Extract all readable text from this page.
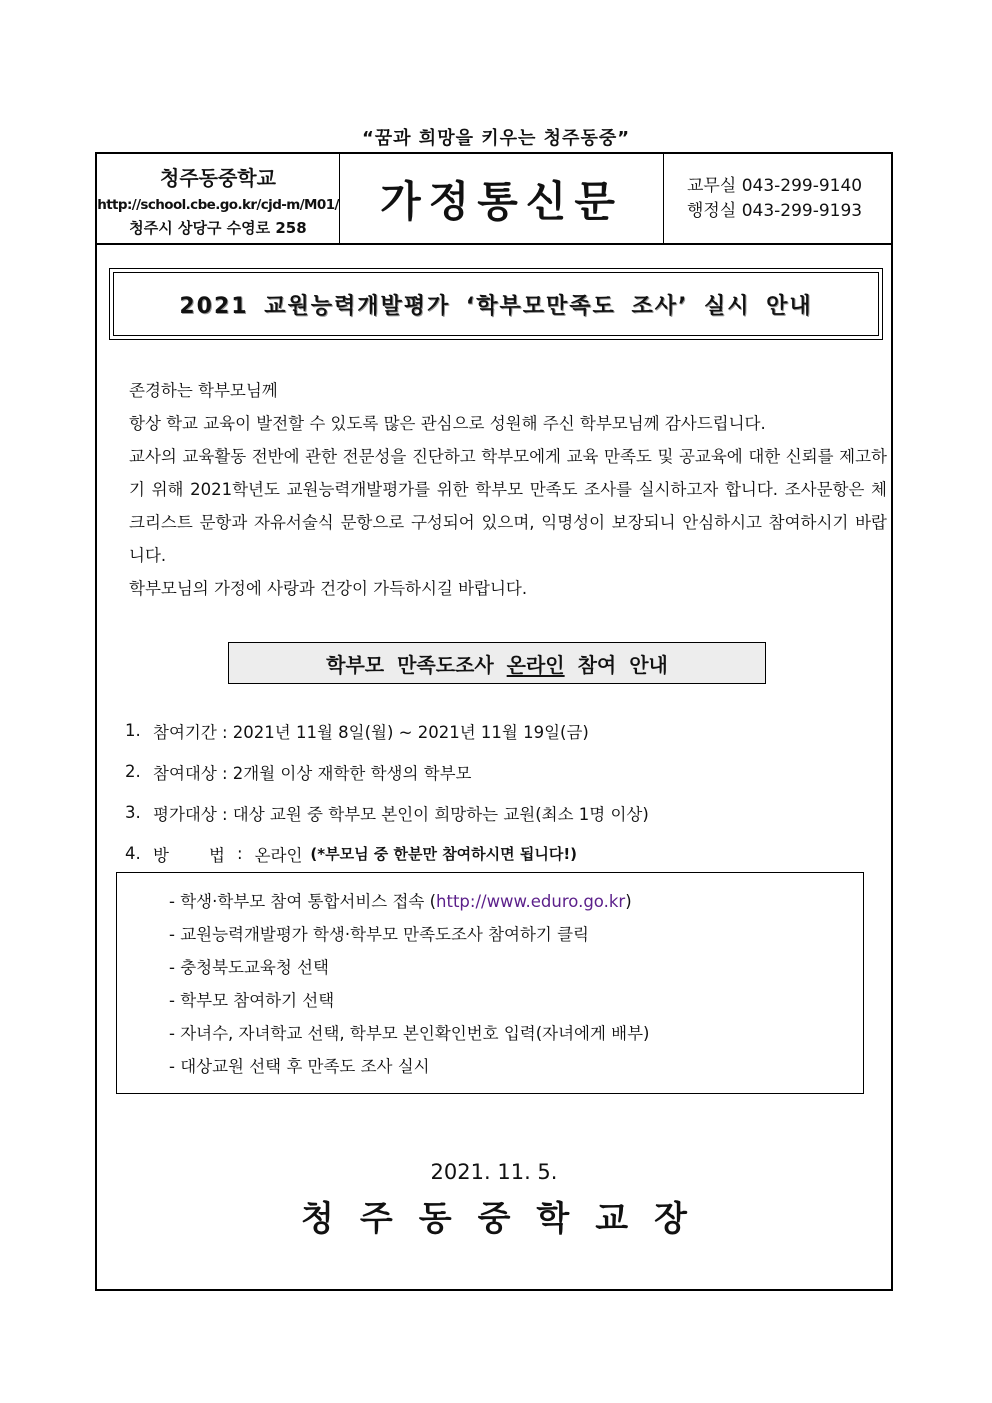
“꿈과 희망을 키우는 청주동중”
청주동중학교
http://school.cbe.go.kr/cjd-m/M01/
청주시 상당구 수영로 258
가정통신문	교무실 043-299-9140
행정실 043-299-9193
2021 교원능력개발평가 ‘학부모만족도 조사’ 실시 안내

존경하는 학부모님께

항상 학교 교육이 발전할 수 있도록 많은 관심으로 성원해 주신 학부모님께 감사드립니다.

교사의 교육활동 전반에 관한 전문성을 진단하고 학부모에게 교육 만족도 및 공교육에 대한 신뢰를 제고하기 위해 2021학년도 교원능력개발평가를 위한 학부모 만족도 조사를 실시하고자 합니다. 조사문항은 체크리스트 문항과 자유서술식 문항으로 구성되어 있으며, 익명성이 보장되니 안심하시고 참여하시기 바랍니다.

학부모님의 가정에 사랑과 건강이 가득하시길 바랍니다.

학부모 만족도조사
온라인
참여 안내
1. 참여기간 : 2021년 11월 8일(월) ~ 2021년 11월 19일(금)
2. 참여대상 : 2개월 이상 재학한 학생의 학부모
3. 평가대상 : 대상 교원 중 학부모 본인이 희망하는 교원(최소 1명 이상)
4. 방 법 : 온라인 (*부모님 중 한분만 참여하시면 됩니다!)
- 학생·학부모 참여 통합서비스 접속 (http://www.eduro.go.kr)
- 교원능력개발평가 학생·학부모 만족도조사 참여하기 클릭
- 충청북도교육청 선택
- 학부모 참여하기 선택
- 자녀수, 자녀학교 선택, 학부모 본인확인번호 입력(자녀에게 배부)
- 대상교원 선택 후 만족도 조사 실시
2021. 11. 5.
청주동중학교장
